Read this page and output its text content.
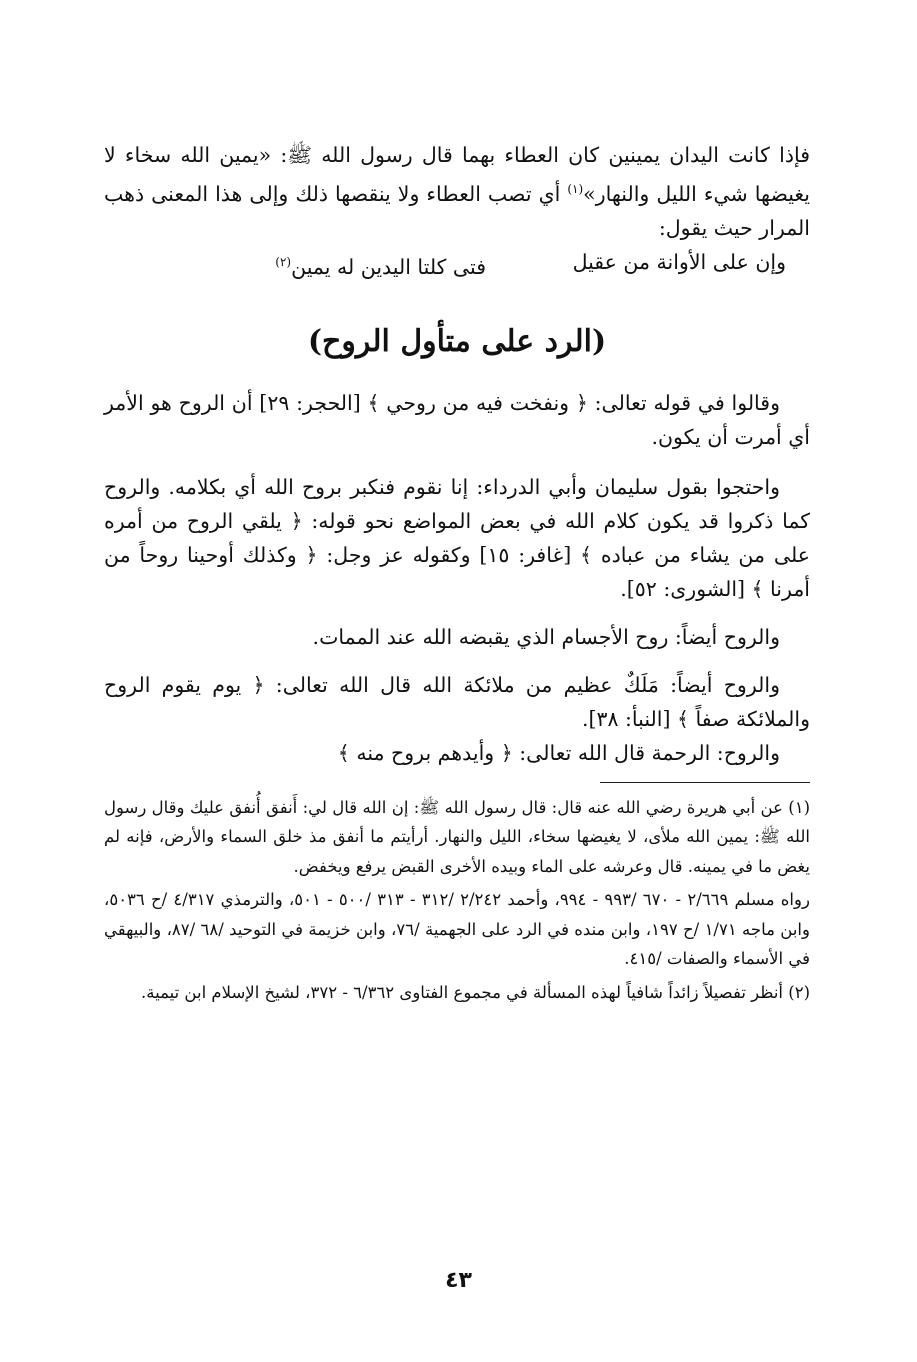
فإذا كانت اليدان يمينين كان العطاء بهما قال رسول الله ﷺ: «يمين الله سخاء لا يغيضها شيء الليل والنهار»$^{(١)}$ أي تصب العطاء ولا ينقصها ذلك وإلى هذا المعنى ذهب المرار حيث يقول:

وإن على الأوانة من عقيل
فتى كلتا اليدين له يمين$^{(٢)}$
(الرد على متأول الروح)

وقالوا في قوله تعالى: ﴿ ونفخت فيه من روحي ﴾ [الحجر: ٢٩] أن الروح هو الأمر أي أمرت أن يكون.

واحتجوا بقول سليمان وأبي الدرداء: إنا نقوم فنكبر بروح الله أي بكلامه. والروح كما ذكروا قد يكون كلام الله في بعض المواضع نحو قوله: ﴿ يلقي الروح من أمره على من يشاء من عباده ﴾ [غافر: ١٥] وكقوله عز وجل: ﴿ وكذلك أوحينا روحاً من أمرنا ﴾ [الشورى: ٥٢].

والروح أيضاً: روح الأجسام الذي يقبضه الله عند الممات.

والروح أيضاً: مَلَكٌ عظيم من ملائكة الله قال الله تعالى: ﴿ يوم يقوم الروح والملائكة صفاً ﴾ [النبأ: ٣٨].

والروح: الرحمة قال الله تعالى: ﴿ وأيدهم بروح منه ﴾

(١) عن أبي هريرة رضي الله عنه قال: قال رسول الله ﷺ: إن الله قال لي: أَنفق أُنفق عليك وقال رسول الله ﷺ: يمين الله ملأى، لا يغيضها سخاء، الليل والنهار. أرأيتم ما أنفق مذ خلق السماء والأرض، فإنه لم يغض ما في يمينه. قال وعرشه على الماء وبيده الأخرى القبض يرفع ويخفض.

رواه مسلم ٢/٦٦٩ - ٦٧٠ /٩٩٣ - ٩٩٤، وأحمد ٢/٢٤٢ /٣١٢ - ٣١٣ /٥٠٠ - ٥٠١، والترمذي ٤/٣١٧ /ح ٥٠٣٦، وابن ماجه ١/٧١ /ح ١٩٧، وابن منده في الرد على الجهمية /٧٦، وابن خزيمة في التوحيد /٦٨ /٨٧، والبيهقي في الأسماء والصفات /٤١٥.

(٢) أنظر تفصيلاً زائداً شافياً لهذه المسألة في مجموع الفتاوى ٦/٣٦٢ - ٣٧٢، لشيخ الإسلام ابن تيمية.

٤٣
